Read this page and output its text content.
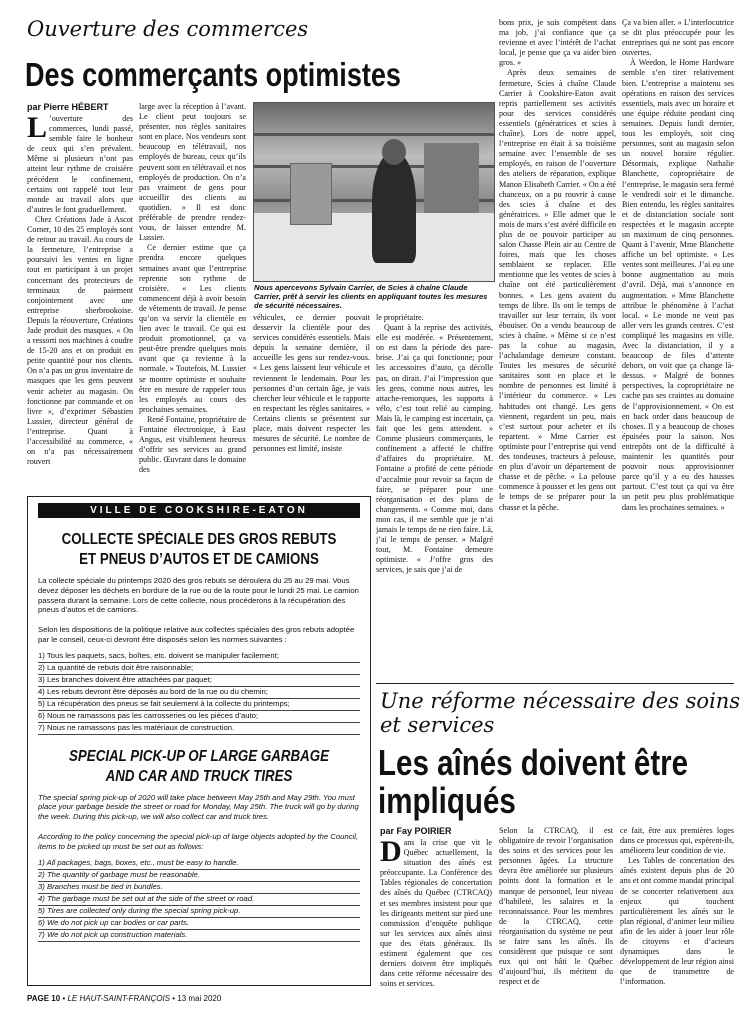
Ouverture des commerces
Des commerçants optimistes
par Pierre HÉBERT

L ’ouverture des commerces, lundi passé, semble faire le bonheur de ceux qui s’en prévalent. Même si plusieurs n’ont pas atteint leur rythme de croisière précédent le confinement, certains ont rappelé tout leur monde au travail alors que d’autres le font graduellement.

Chez Créations Jade à Ascot Corner, 10 des 25 employés sont de retour au travail. Au cours de la fermeture, l’entreprise a poursuivi les ventes en ligne tout en participant à un projet concernant des protecteurs de terminaux de paiement conjointement avec une entreprise sherbrookoise. Depuis la réouverture, Créations Jade produit des masques. « On a ressorti nos machines à coudre de 15-20 ans et on produit en petite quantité pour nos clients. On n’a pas un gros inventaire de masques que les gens peuvent venir acheter au magasin. On fonctionne par commande et on livre », d’exprimer Sébastien Lussier, directeur général de l’entreprise. Quant à l’accessibilité au commerce, « on n’a pas nécessairement rouvert

large avec la réception à l’avant. Le client peut toujours se présenter, nos règles sanitaires sont en place. Nos vendeurs sont beaucoup en télétravail, nos employés de bureau, ceux qu’ils peuvent sont en télétravail et nos employés de production. On n’a pas vraiment de gens pour accueillir des clients au quotidien. » Il est donc préférable de prendre rendez-vous, de laisser entendre M. Lussier.

Ce dernier estime que ça prendra encore quelques semaines avant que l’entreprise reprenne son rythme de croisière. « Les clients commencent déjà à avoir besoin de vêtements de travail. Je pense qu’on va servir la clientèle en lien avec le travail. Ce qui est produit promotionnel, ça va peut-être prendre quelques mois avant que ça revienne à la normale. » Toutefois, M. Lussier se montre optimiste et souhaite être en mesure de rappeler tous les employés au cours des prochaines semaines.

René Fontaine, propriétaire de Fontaine électronique, à East Angus, est visiblement heureux d’offrir ses services au grand public. Œuvrant dans le domaine des

Nous apercevons Sylvain Carrier, de Scies à chaîne Claude Carrier, prêt à servir les clients en appliquant toutes les mesures de sécurité nécessaires.

véhicules, ce dernier pouvait desservir la clientèle pour des services considérés essentiels. Mais depuis la semaine dernière, il accueille les gens sur rendez-vous. « Les gens laissent leur véhicule et reviennent le lendemain. Pour les personnes d’un certain âge, je vais chercher leur véhicule et le rapporte en respectant les règles sanitaires. » Certains clients se présentent sur place, mais doivent respecter les mesures de sécurité. Le nombre de personnes est limité, insiste

le propriétaire.

Quant à la reprise des activités, elle est modérée. « Présentement, on est dans la période des pare-brise. J’ai ça qui fonctionne; pour les accessoires d’auto, ça décolle pas, on dirait. J’ai l’impression que les gens, comme nous autres, les attache-remorques, les supports à vélo, c’est tout relié au camping. Mais là, le camping est incertain, ça fait que les gens attendent. » Comme plusieurs commerçants, le confinement a affecté le chiffre d’affaires du propriétaire. M. Fontaine a profité de cette période d’accalmie pour revoir sa façon de faire, se préparer pour une réorganisation et des plans de changements. « Comme moi, dans mon cas, il me semble que je n’ai jamais le temps de ne rien faire. Là, j’ai le temps de penser. » Malgré tout, M. Fontaine demeure optimiste. « J’offre gros des services, je sais que j’ai de

bons prix, je suis compétent dans ma job, j’ai confiance que ça revienne et avec l’intérêt de l’achat local, je pense que ça va aider bien gros. »

Après deux semaines de fermeture, Scies à chaîne Claude Carrier à Cookshire-Eaton avait repris partiellement ses activités pour des services considérés essentiels (génératrices et scies à chaîne). Lors de notre appel, l’entreprise en était à sa troisième semaine avec l’ensemble de ses employés, en raison de l’ouverture des ateliers de réparation, explique Manon Elisabeth Carrier. « On a été chanceux, on a pu rouvrir à cause des scies à chaîne et des génératrices. » Elle admet que le mois de mars s’est avéré difficile en plus de ne pouvoir participer au salon Chasse Plein air au Centre de foires, mais que les choses semblaient se replacer. Elle mentionne que les ventes de scies à chaîne ont été particulièrement bonnes. « Les gens avaient du temps de libre. Ils ont le temps de travailler sur leur terrain, ils vont ébouiser. On a vendu beaucoup de scies à chaîne. » Même si ce n’est pas la cohue au magasin, l’achalandage demeure constant. Toutes les mesures de sécurité sanitaires sont en place et le nombre de personnes est limité à l’intérieur du commerce. « Les habitudes ont changé. Les gens viennent, regardent un peu, mais c’est surtout pour acheter et ils repartent. » Mme Carrier est optimiste pour l’entreprise qui vend des tondeuses, tracteurs à pelouse, en plus d’avoir un département de chasse et de pêche. « La pelouse commence à pousser et les gens ont le temps de se préparer pour la chasse et la pêche.

Ça va bien aller. » L’interlocutrice se dit plus préoccupée pour les entreprises qui ne sont pas encore ouvertes.

À Weedon, le Home Hardware semble s’en tirer relativement bien. L’entreprise a maintenu ses opérations en raison des services essentiels, mais avec un horaire et une équipe réduite pendant cinq semaines. Depuis lundi dernier, tous les employés, soit cinq personnes, sont au magasin selon un nouvel horaire régulier. Désormais, explique Nathalie Blanchette, copropriétaire de l’entreprise, le magasin sera fermé le vendredi soir et le dimanche. Bien entendu, les règles sanitaires et de distanciation sociale sont respectées et le magasin accepte un maximum de cinq personnes. Quant à l’avenir, Mme Blanchette affiche un bel optimiste. « Les ventes sont meilleures. J’ai eu une bonne augmentation au mois d’avril. Déjà, mai s’annonce en augmentation. » Mme Blanchette attribue le phénomène à l’achat local. « Le monde ne veut pas aller vers les grands centres. C’est compliqué les magasins en ville. Avec la distanciation, il y a beaucoup de files d’attente dehors, on voit que ça change là-dessus. » Malgré de bonnes perspectives, la copropriétaire ne cache pas ses craintes au domaine de l’approvisionnement. « On est en back order dans beaucoup de choses. Il y a beaucoup de choses épuisées pour la saison. Nos entrepôts ont de la difficulté à maintenir les quantités pour pouvoir nous approvisionner parce qu’il y a eu des hausses partout. C’est tout ça qui va être un petit peu plus problématique dans les prochaines semaines. »

VILLE DE COOKSHIRE-EATON
COLLECTE SPÉCIALE DES GROS REBUTS ET PNEUS D’AUTOS ET DE CAMIONS
La collecte spéciale du printemps 2020 des gros rebuts se déroulera du 25 au 29 mai. Vous devez déposer les déchets en bordure de la rue ou de la route pour le lundi 25 mai. Le camion passera durant la semaine. Lors de cette collecte, nous procéderons à la récupération des pneus d’autos et de camions.
Selon les dispositions de la politique relative aux collectes spéciales des gros rebuts adoptée par le conseil, ceux-ci devront être disposés selon les normes suivantes :
1) Tous les paquets, sacs, boîtes, etc. doivent se manipuler facilement;
2) La quantité de rebuts doit être raisonnable;
3) Les branches doivent être attachées par paquet;
4) Les rebuts devront être déposés au bord de la rue ou du chemin;
5) La récupération des pneus se fait seulement à la collecte du printemps;
6) Nous ne ramassons pas les carrosseries ou les pièces d’auto;
7) Nous ne ramassons pas les matériaux de construction.
SPECIAL PICK-UP OF LARGE GARBAGE AND CAR AND TRUCK TIRES
The special spring pick-up of 2020 will take place between May 25th and May 29th. You must place your garbage beside the street or road for Monday, May 25th. The truck will go by during the week. During this pick-up, we will also collect car and truck tires.
According to the policy concerning the special pick-up of large objects adopted by the Council, items to be picked up must be set out as follows:
1) All packages, bags, boxes, etc., must be easy to handle.
2) The quantity of garbage must be reasonable.
3) Branches must be tied in bundles.
4) The garbage must be set out at the side of the street or road.
5) Tires are collected only during the special spring pick-up.
6) We do not pick up car bodies or car parts.
7) We do not pick up construction materials.
Une réforme nécessaire des soins
et services
Les aînés doivent être
impliqués
par Fay POIRIER

Dans la crise que vit le Québec actuellement, la situation des aînés est préoccupante. La Conférence des Tables régionales de concertation des aînés du Québec (CTRCAQ) et ses membres insistent pour que les dirigeants mettent sur pied une commission d’enquête publique sur les services aux aînés ainsi que des états généraux. Ils estiment également que ces derniers doivent être impliqués dans cette réforme nécessaire des soins et services.

Selon la CTRCAQ, il est obligatoire de revoir l’organisation des soins et des services pour les personnes âgées. La structure devra être améliorée sur plusieurs points dont la formation et le manque de personnel, leur niveau d’habileté, les salaires et la reconnaissance. Pour les membres de la CTRCAQ, cette réorganisation du système ne peut se faire sans les aînés. Ils considèrent que puisque ce sont eux qui ont bâti le Québec d’aujourd’hui, ils méritent du respect et de

ce fait, être aux premières loges dans ce processus qui, espèrent-ils, améliorera leur condition de vie.

Les Tables de concertation des aînés existent depuis plus de 20 ans et ont comme mandat principal de se concerter relativement aux enjeux qui touchent particulièrement les aînés sur le plan régional, d’animer leur milieu afin de les aider à jouer leur rôle de citoyens et d’acteurs dynamiques dans le développement de leur région ainsi que de transmettre de l’information.

PAGE 10 • LE HAUT-SAINT-FRANÇOIS • 13 mai 2020
